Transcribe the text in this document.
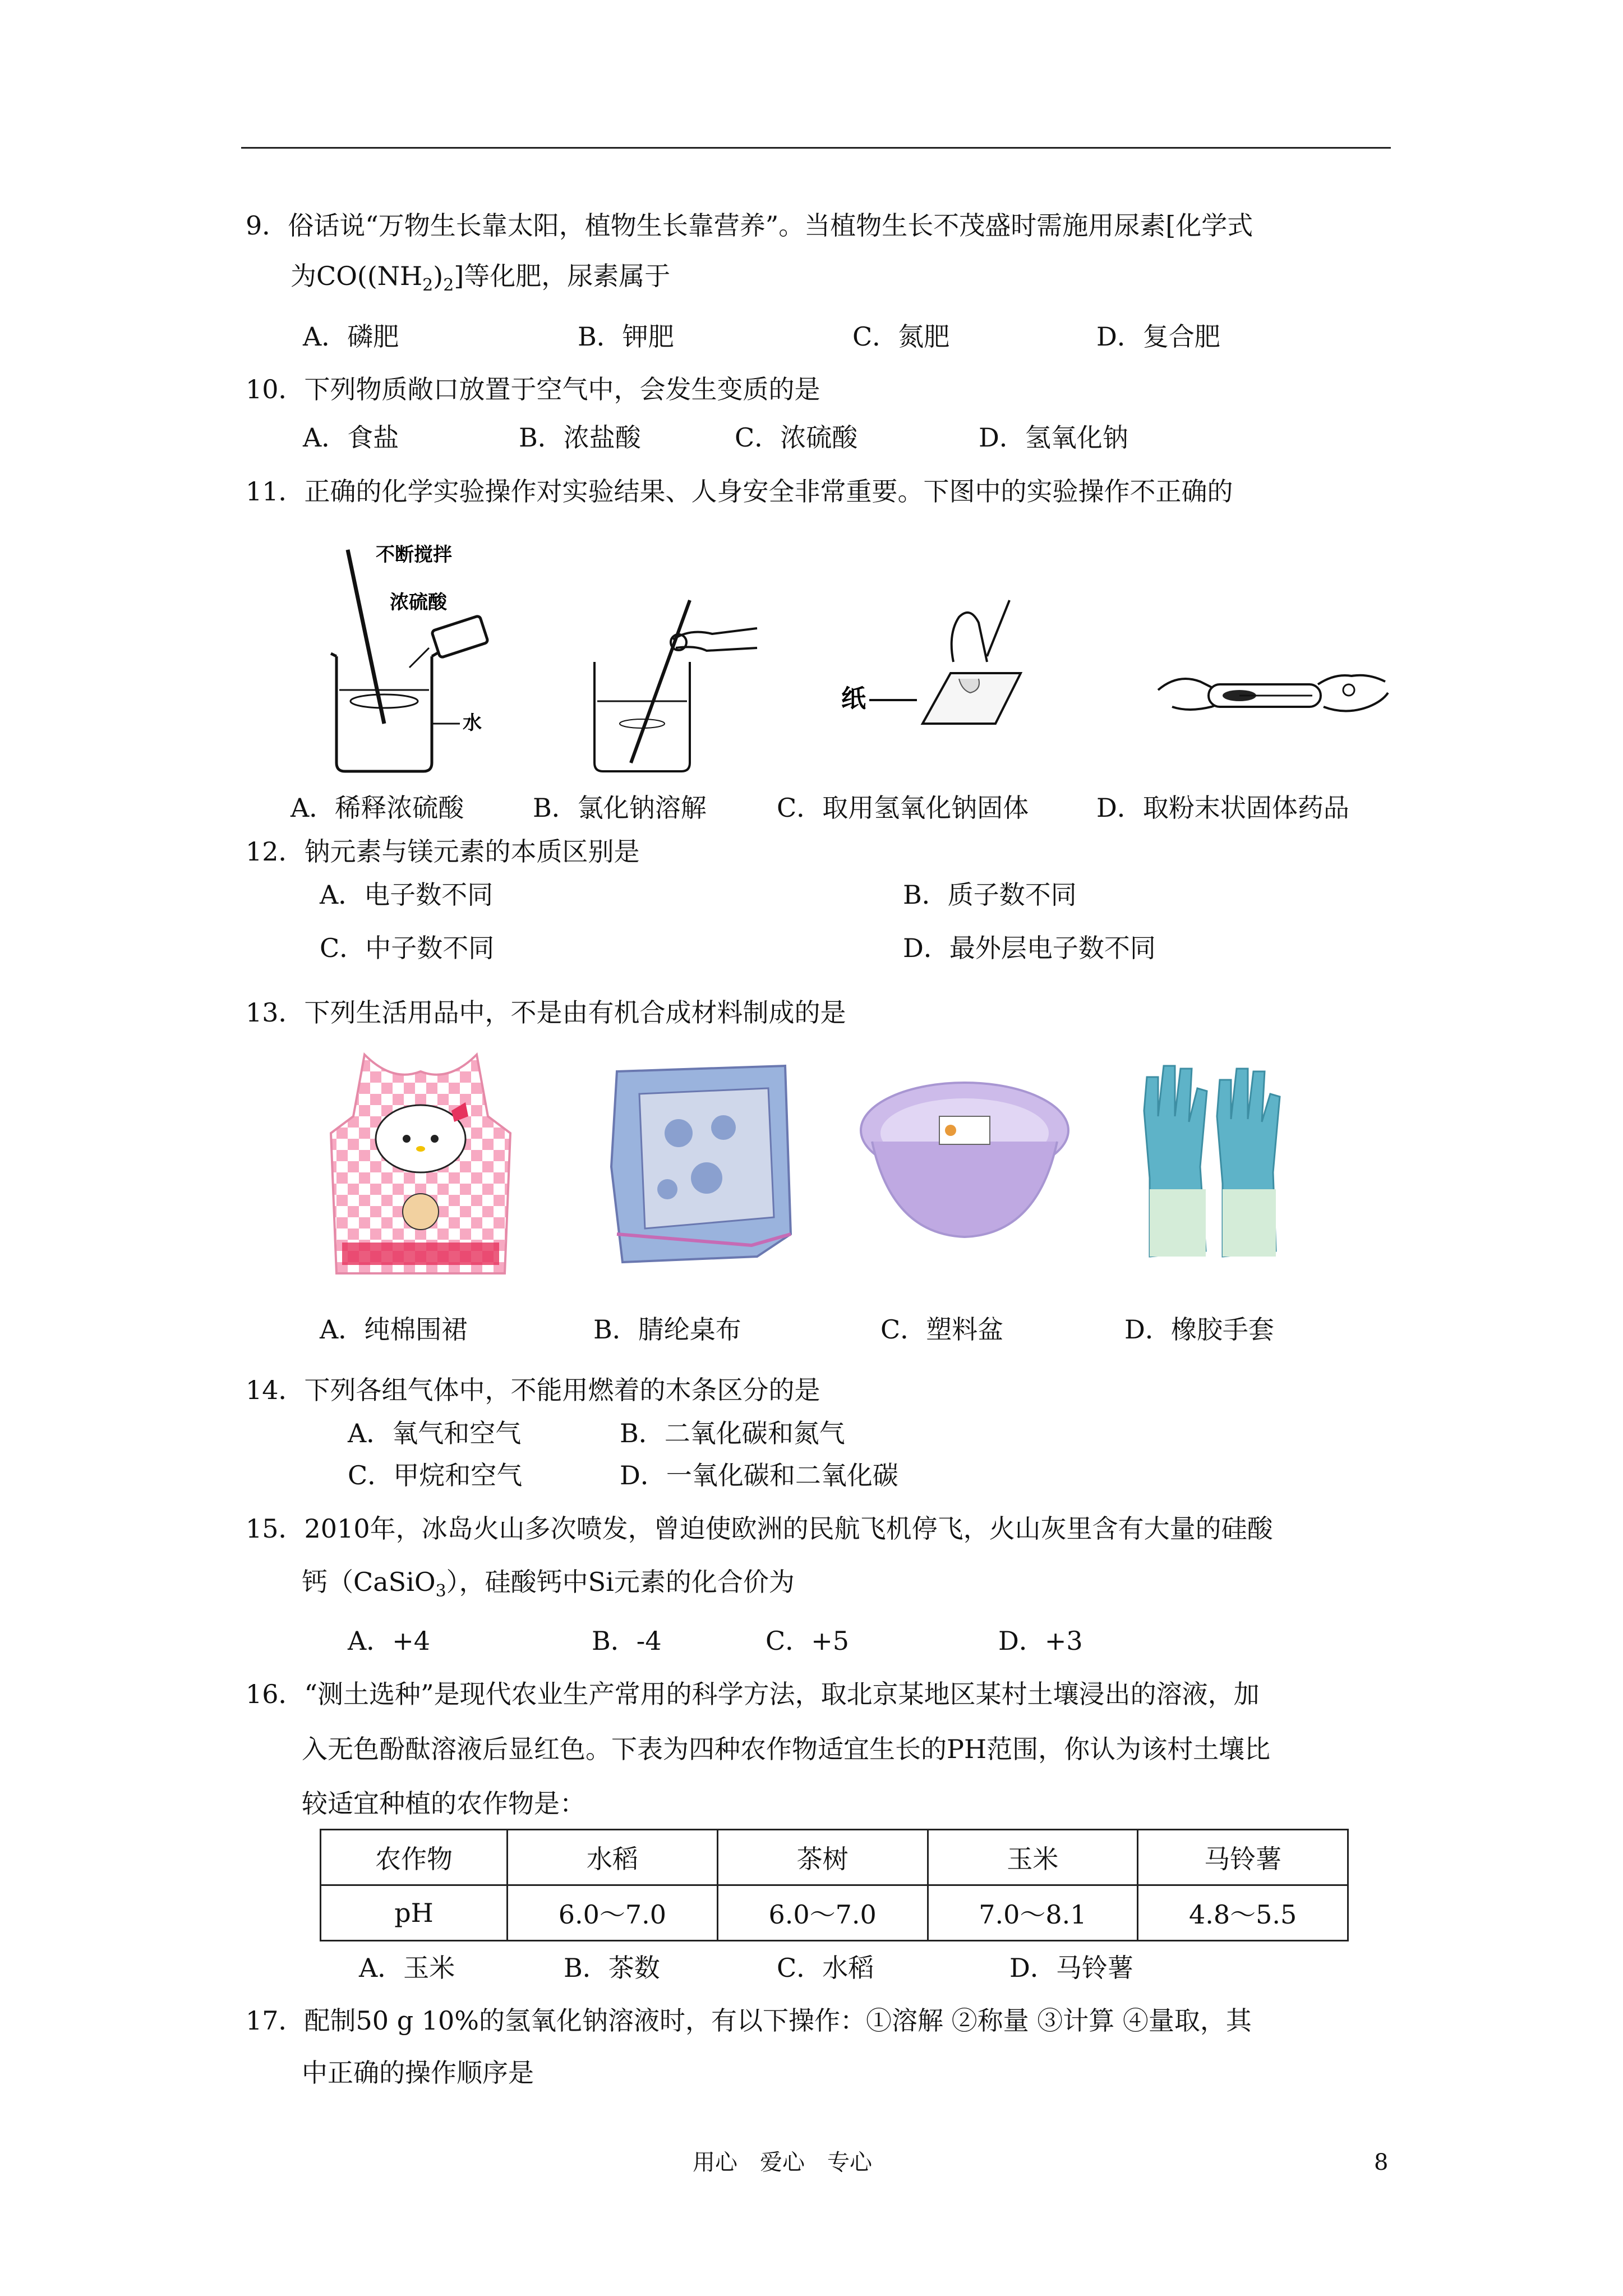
9．俗话说“万物生长靠太阳，植物生长靠营养”。当植物生长不茂盛时需施用尿素[化学式
为$CO((NH_2)_2]$等化肥，尿素属于
A．磷肥	B．钾肥	C．氮肥	D．复合肥
10．下列物质敞口放置于空气中，会发生变质的是
A．食盐	B．浓盐酸	C．浓硫酸	D．氢氧化钠
11．正确的化学实验操作对实验结果、人身安全非常重要。下图中的实验操作不正确的
不断搅拌
浓硫酸
水
纸
A．稀释浓硫酸	B．氯化钠溶解	C．取用氢氧化钠固体	D．取粉末状固体药品
12．钠元素与镁元素的本质区别是
A．电子数不同	B．质子数不同
C．中子数不同	D．最外层电子数不同
13．下列生活用品中，不是由有机合成材料制成的是
A．纯棉围裙	B．腈纶桌布	C．塑料盆	D．橡胶手套
14．下列各组气体中，不能用燃着的木条区分的是
A．氧气和空气	B．二氧化碳和氮气
C．甲烷和空气	D．一氧化碳和二氧化碳
15．2010年，冰岛火山多次喷发，曾迫使欧洲的民航飞机停飞，火山灰里含有大量的硅酸
钙（CaSiO$_3$），硅酸钙中Si元素的化合价为
A．+4	B．-4	C．+5	D．+3
16．“测土选种”是现代农业生产常用的科学方法，取北京某地区某村土壤浸出的溶液，加
入无色酚酞溶液后显红色。下表为四种农作物适宜生长的PH范围，你认为该村土壤比
较适宜种植的农作物是：
农作物	水稻	茶树	玉米	马铃薯
pH	6.0～7.0	6.0～7.0	7.0～8.1	4.8～5.5
A．玉米	B．茶数	C．水稻	D．马铃薯
17．配制50 g 10%的氢氧化钠溶液时，有以下操作：①溶解 ②称量 ③计算 ④量取，其
中正确的操作顺序是
用心　爱心　专心	8
